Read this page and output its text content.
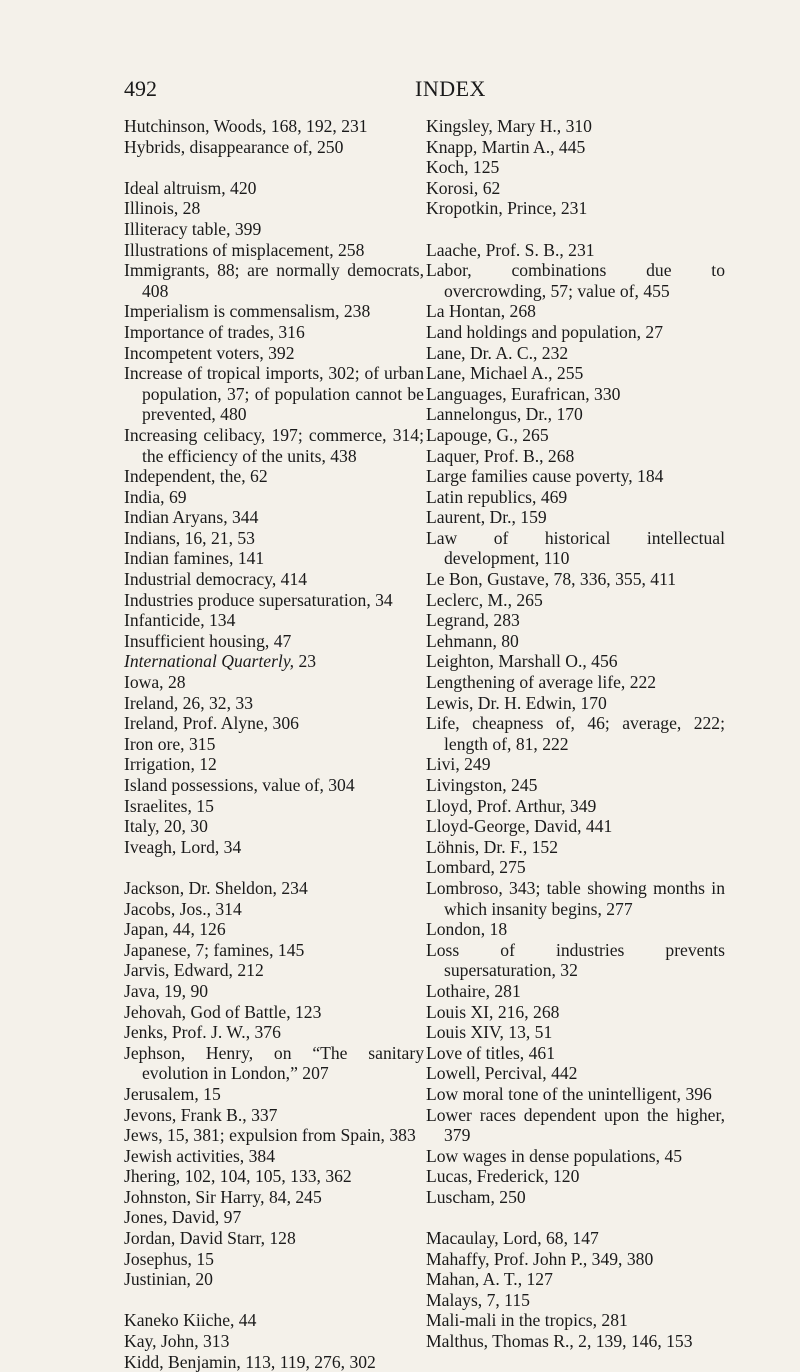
492	INDEX
Hutchinson, Woods, 168, 192, 231
Hybrids, disappearance of, 250
Ideal altruism, 420
Illinois, 28
Illiteracy table, 399
Illustrations of misplacement, 258
Immigrants, 88; are normally democrats, 408
Imperialism is commensalism, 238
Importance of trades, 316
Incompetent voters, 392
Increase of tropical imports, 302; of urban population, 37; of population cannot be prevented, 480
Increasing celibacy, 197; commerce, 314; the efficiency of the units, 438
Independent, the, 62
India, 69
Indian Aryans, 344
Indians, 16, 21, 53
Indian famines, 141
Industrial democracy, 414
Industries produce supersaturation, 34
Infanticide, 134
Insufficient housing, 47
International Quarterly, 23
Iowa, 28
Ireland, 26, 32, 33
Ireland, Prof. Alyne, 306
Iron ore, 315
Irrigation, 12
Island possessions, value of, 304
Israelites, 15
Italy, 20, 30
Iveagh, Lord, 34
Jackson, Dr. Sheldon, 234
Jacobs, Jos., 314
Japan, 44, 126
Japanese, 7; famines, 145
Jarvis, Edward, 212
Java, 19, 90
Jehovah, God of Battle, 123
Jenks, Prof. J. W., 376
Jephson, Henry, on “The sanitary evolution in London,” 207
Jerusalem, 15
Jevons, Frank B., 337
Jews, 15, 381; expulsion from Spain, 383
Jewish activities, 384
Jhering, 102, 104, 105, 133, 362
Johnston, Sir Harry, 84, 245
Jones, David, 97
Jordan, David Starr, 128
Josephus, 15
Justinian, 20
Kaneko Kiiche, 44
Kay, John, 313
Kidd, Benjamin, 113, 119, 276, 302
Kingsley, Mary H., 310
Knapp, Martin A., 445
Koch, 125
Korosi, 62
Kropotkin, Prince, 231
Laache, Prof. S. B., 231
Labor, combinations due to overcrowding, 57; value of, 455
La Hontan, 268
Land holdings and population, 27
Lane, Dr. A. C., 232
Lane, Michael A., 255
Languages, Eurafrican, 330
Lannelongus, Dr., 170
Lapouge, G., 265
Laquer, Prof. B., 268
Large families cause poverty, 184
Latin republics, 469
Laurent, Dr., 159
Law of historical intellectual development, 110
Le Bon, Gustave, 78, 336, 355, 411
Leclerc, M., 265
Legrand, 283
Lehmann, 80
Leighton, Marshall O., 456
Lengthening of average life, 222
Lewis, Dr. H. Edwin, 170
Life, cheapness of, 46; average, 222; length of, 81, 222
Livi, 249
Livingston, 245
Lloyd, Prof. Arthur, 349
Lloyd-George, David, 441
Löhnis, Dr. F., 152
Lombard, 275
Lombroso, 343; table showing months in which insanity begins, 277
London, 18
Loss of industries prevents supersaturation, 32
Lothaire, 281
Louis XI, 216, 268
Louis XIV, 13, 51
Love of titles, 461
Lowell, Percival, 442
Low moral tone of the unintelligent, 396
Lower races dependent upon the higher, 379
Low wages in dense populations, 45
Lucas, Frederick, 120
Luscham, 250
Macaulay, Lord, 68, 147
Mahaffy, Prof. John P., 349, 380
Mahan, A. T., 127
Malays, 7, 115
Mali-mali in the tropics, 281
Malthus, Thomas R., 2, 139, 146, 153
